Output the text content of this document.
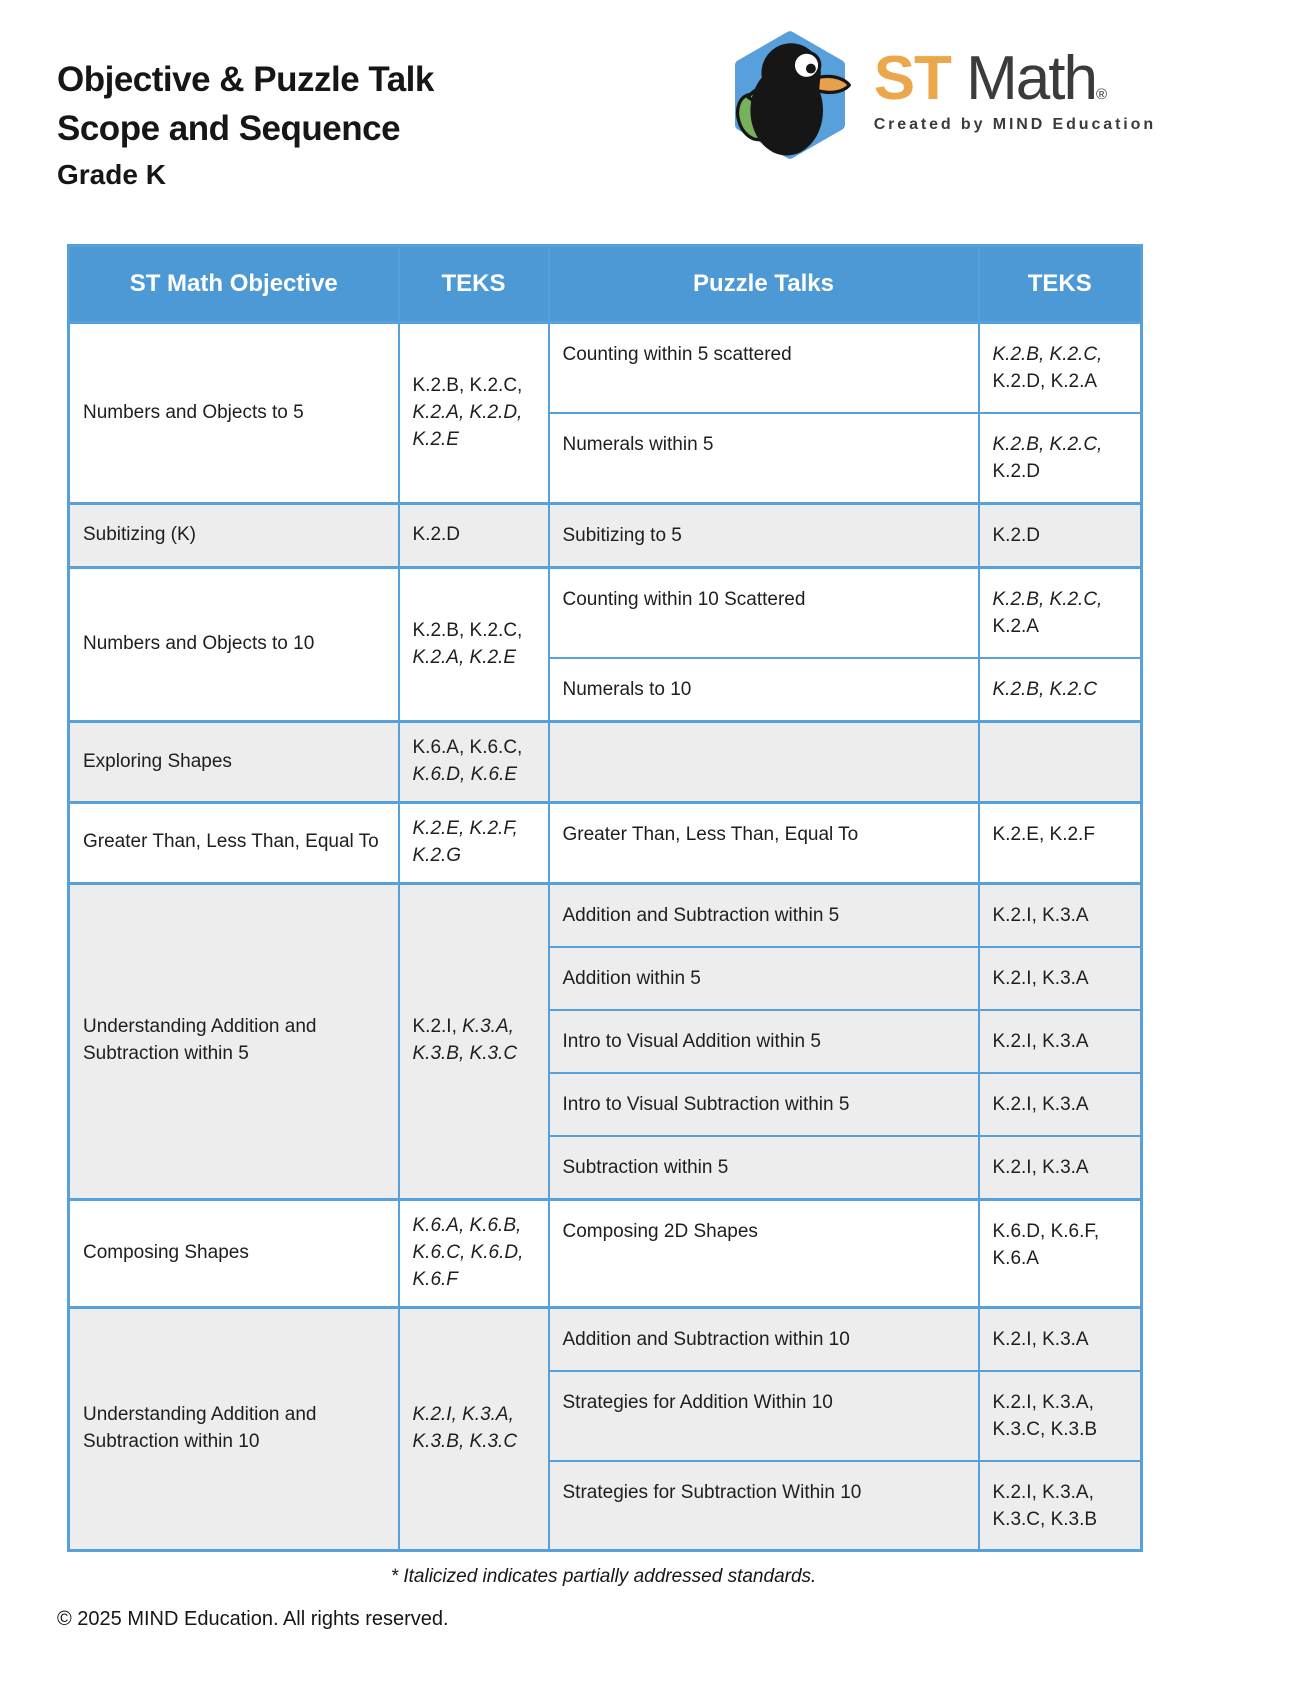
Objective & Puzzle Talk
Scope and Sequence
Grade K
ST Math®
Created by MIND Education
ST Math Objective	TEKS	Puzzle Talks	TEKS
Numbers and Objects to 5	K.2.B, K.2.C, K.2.A, K.2.D, K.2.E	Counting within 5 scattered	K.2.B, K.2.C, K.2.D, K.2.A
		Numerals within 5	K.2.B, K.2.C, K.2.D
Subitizing (K)	K.2.D	Subitizing to 5	K.2.D
Numbers and Objects to 10	K.2.B, K.2.C, K.2.A, K.2.E	Counting within 10 Scattered	K.2.B, K.2.C, K.2.A
		Numerals to 10	K.2.B, K.2.C
Exploring Shapes	K.6.A, K.6.C, K.6.D, K.6.E		
Greater Than, Less Than, Equal To	K.2.E, K.2.F, K.2.G	Greater Than, Less Than, Equal To	K.2.E, K.2.F
Understanding Addition and Subtraction within 5	K.2.I, K.3.A, K.3.B, K.3.C	Addition and Subtraction within 5	K.2.I, K.3.A
		Addition within 5	K.2.I, K.3.A
		Intro to Visual Addition within 5	K.2.I, K.3.A
		Intro to Visual Subtraction within 5	K.2.I, K.3.A
		Subtraction within 5	K.2.I, K.3.A
Composing Shapes	K.6.A, K.6.B, K.6.C, K.6.D, K.6.F	Composing 2D Shapes	K.6.D, K.6.F, K.6.A
Understanding Addition and Subtraction within 10	K.2.I, K.3.A, K.3.B, K.3.C	Addition and Subtraction within 10	K.2.I, K.3.A
		Strategies for Addition Within 10	K.2.I, K.3.A, K.3.C, K.3.B
		Strategies for Subtraction Within 10	K.2.I, K.3.A, K.3.C, K.3.B
* Italicized indicates partially addressed standards.
© 2025 MIND Education. All rights reserved.
